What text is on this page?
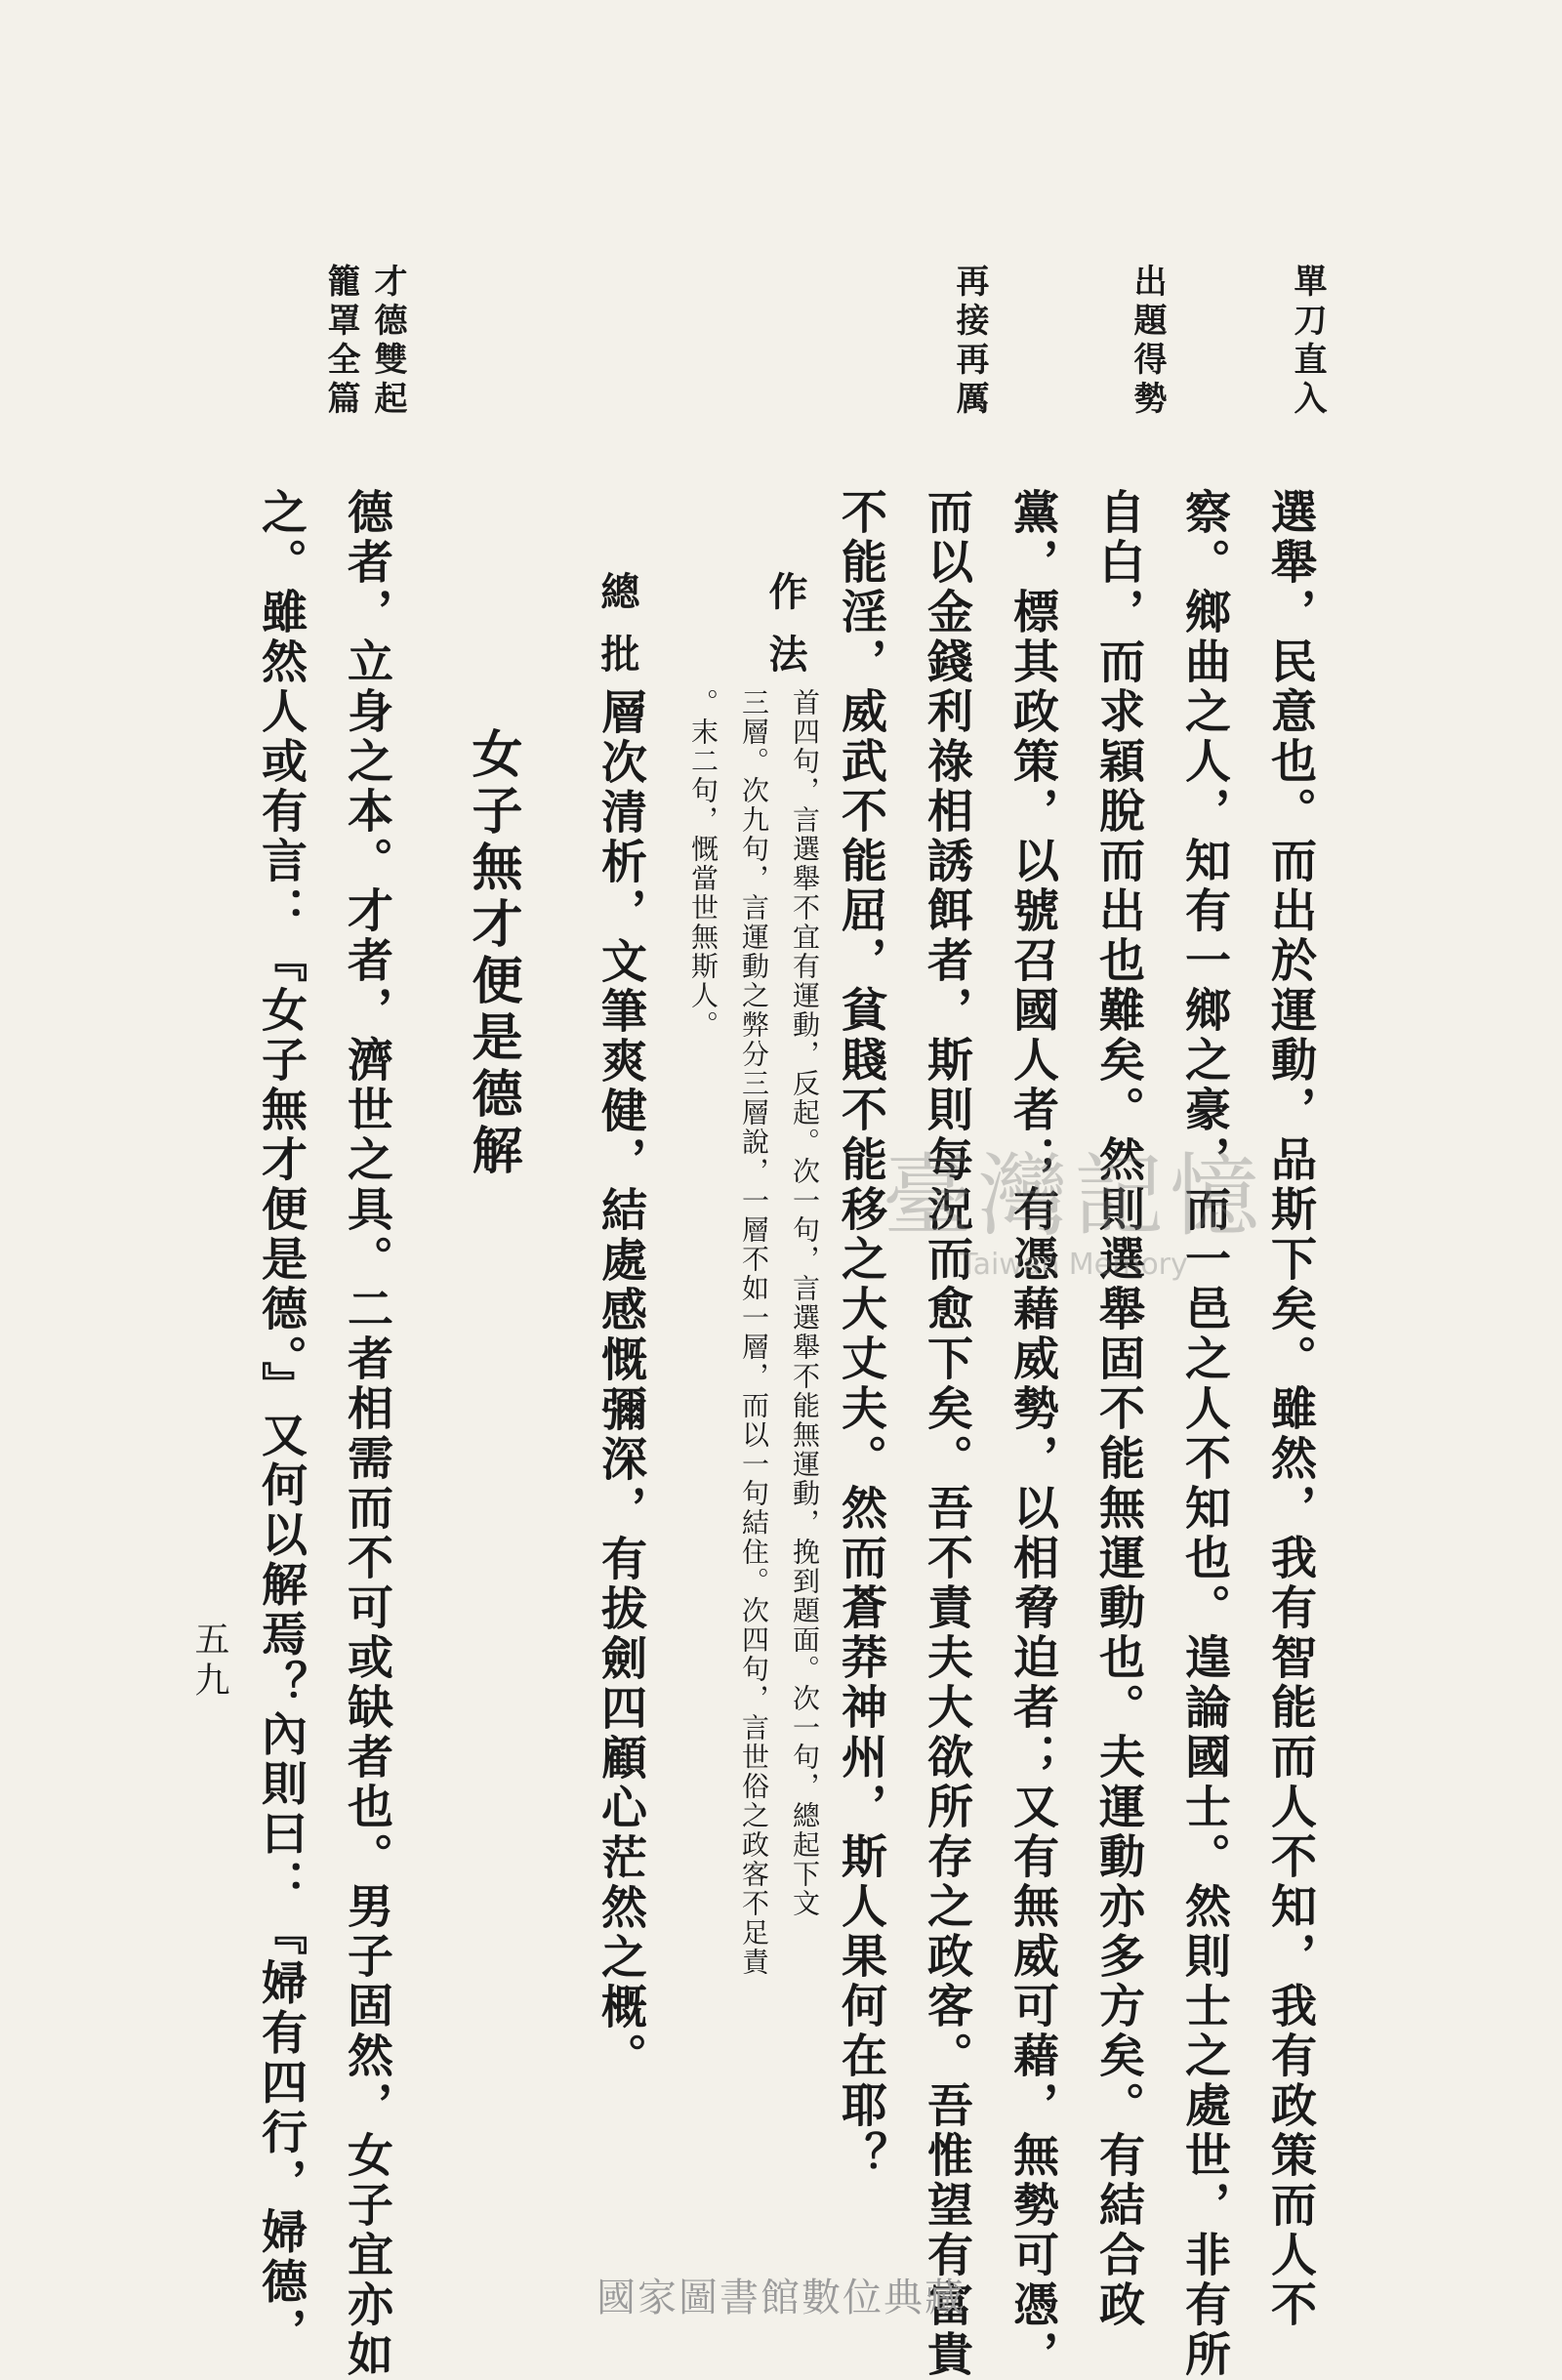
單刀直入
出題得勢
再接再厲
才德雙起
籠罩全篇
選舉，民意也。而出於運動，品斯下矣。雖然，我有智能而人不知，我有政策而人不
察。鄉曲之人，知有一鄉之豪，而一邑之人不知也。遑論國士。然則士之處世，非有所
自白，而求穎脫而出也難矣。然則選舉固不能無運動也。夫運動亦多方矣。有結合政
黨，標其政策，以號召國人者；有憑藉威勢，以相脅迫者；又有無威可藉，無勢可憑，
而以金錢利祿相誘餌者，斯則每況而愈下矣。吾不責夫大欲所存之政客。吾惟望有富貴
不能淫，威武不能屈，貧賤不能移之大丈夫。然而蒼莽神州，斯人果何在耶？
作法
首四句，言選舉不宜有運動，反起。次一句，言選舉不能無運動，挽到題面。次一句，總起下文
三層。次九句，言運動之弊分三層說，一層不如一層，而以一句結住。次四句，言世俗之政客不足責
。末二句，慨當世無斯人。
總批
層次清析，文筆爽健，結處感慨彌深，有拔劍四顧心茫然之概。
女子無才便是德解
德者，立身之本。才者，濟世之具。二者相需而不可或缺者也。男子固然，女子宜亦如
之。雖然人或有言：『女子無才便是德。』又何以解焉？內則曰：『婦有四行，婦德，
五九
臺灣記憶
Taiwan Memory
國家圖書館數位典藏
